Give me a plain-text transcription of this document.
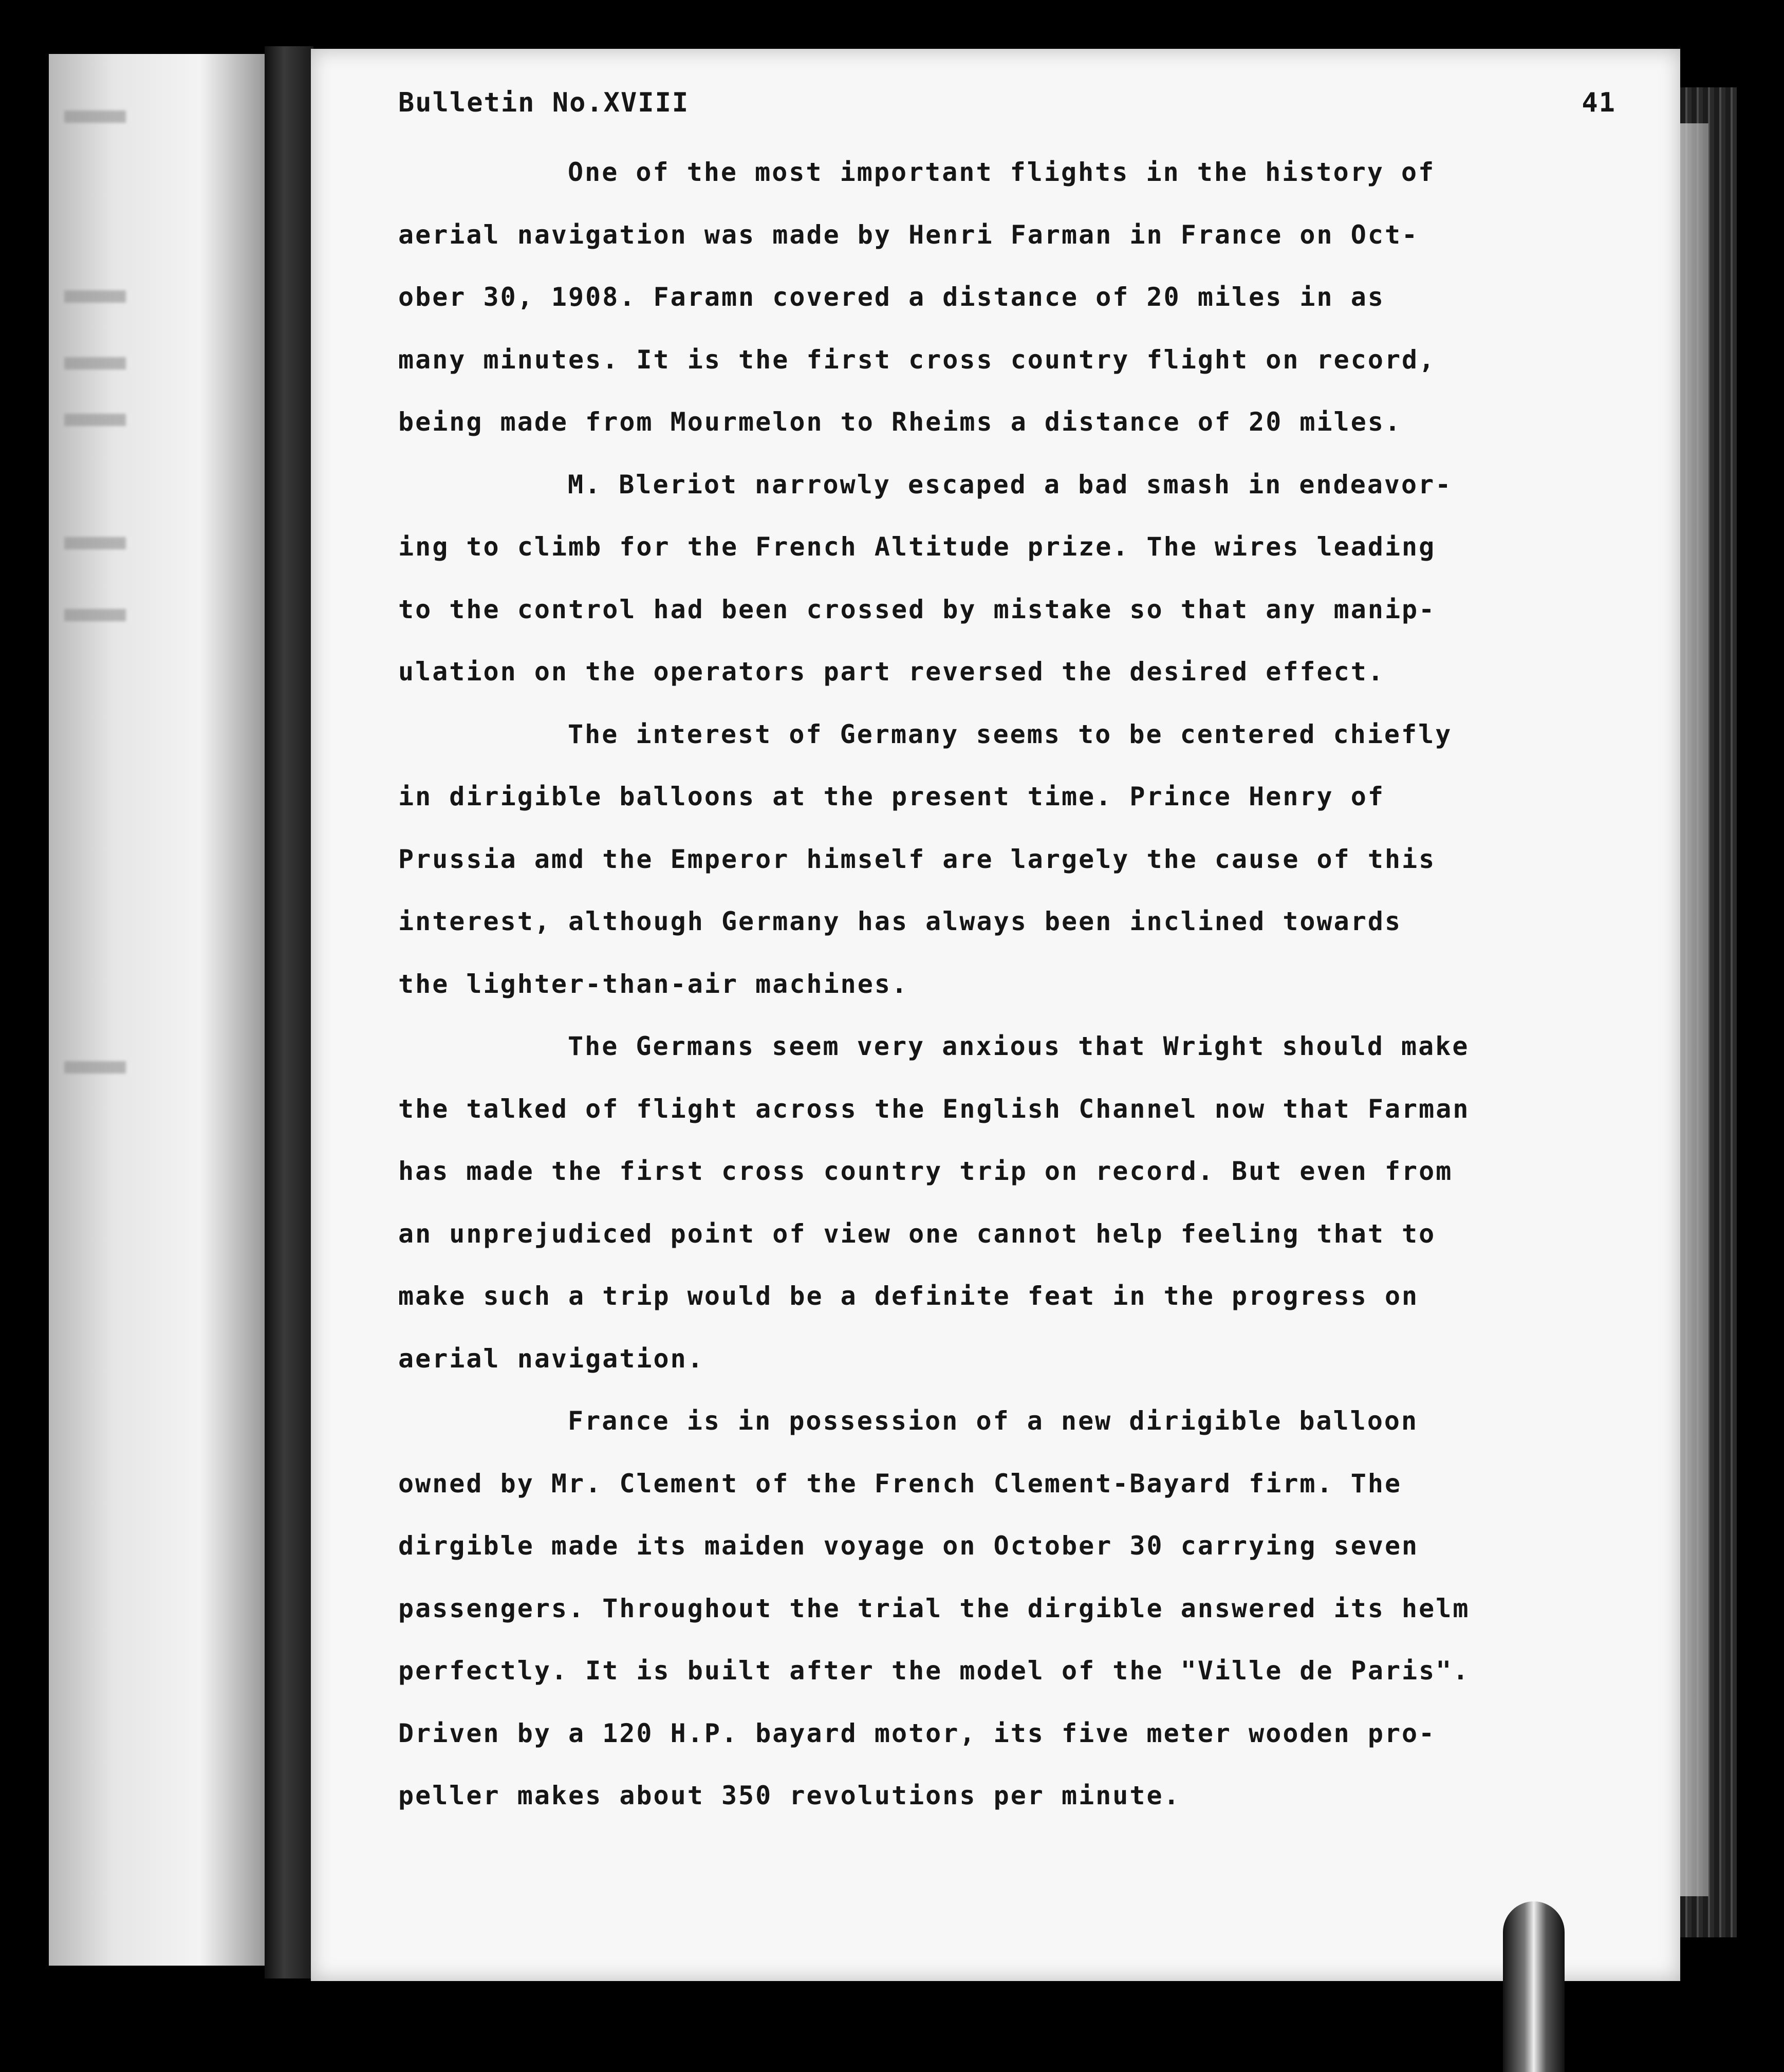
Bulletin No.XVIII	41
One of the most important flights in the history of
aerial navigation was made by Henri Farman in France on Oct-
ober 30, 1908. Faramn covered a distance of 20 miles in as
many minutes. It is the first cross country flight on record,
being made from Mourmelon to Rheims a distance of 20 miles.
M. Bleriot narrowly escaped a bad smash in endeavor-
ing to climb for the French Altitude prize. The wires leading
to the control had been crossed by mistake so that any manip-
ulation on the operators part reversed the desired effect.
The interest of Germany seems to be centered chiefly
in dirigible balloons at the present time. Prince Henry of
Prussia amd the Emperor himself are largely the cause of this
interest, although Germany has always been inclined towards
the lighter-than-air machines.
The Germans seem very anxious that Wright should make
the talked of flight across the English Channel now that Farman
has made the first cross country trip on record. But even from
an unprejudiced point of view one cannot help feeling that to
make such a trip would be a definite feat in the progress on
aerial navigation.
France is in possession of a new dirigible balloon
owned by Mr. Clement of the French Clement-Bayard firm. The
dirgible made its maiden voyage on October 30 carrying seven
passengers. Throughout the trial the dirgible answered its helm
perfectly. It is built after the model of the "Ville de Paris".
Driven by a 120 H.P. bayard motor, its five meter wooden pro-
peller makes about 350 revolutions per minute.
